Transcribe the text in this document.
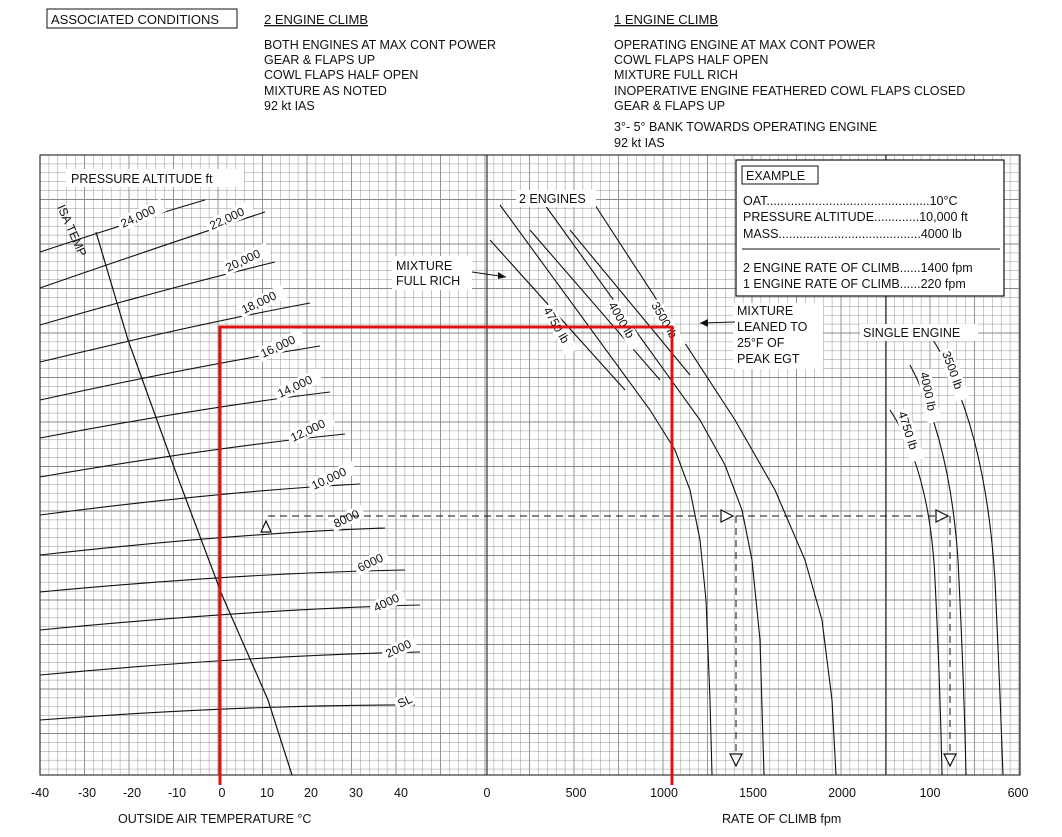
ASSOCIATED CONDITIONS	2 ENGINE CLIMB
BOTH ENGINES AT MAX CONT POWER
GEAR & FLAPS UP
COWL FLAPS HALF OPEN
MIXTURE AS NOTED
92 kt IAS
1 ENGINE CLIMB
OPERATING ENGINE AT MAX CONT POWER
COWL FLAPS HALF OPEN
MIXTURE FULL RICH
INOPERATIVE ENGINE FEATHERED COWL FLAPS CLOSED
GEAR & FLAPS UP
3°- 5° BANK TOWARDS OPERATING ENGINE
92 kt IAS
SL
2000
4000
6000
8000
10,000
12,000
14,000
16,000
18,000
20,000
22,000
24,000
4750 lb	4000 lb 3500 lb
3500 lb
4000 lb
4750 lb
PRESSURE ALTITUDE ft
ISA TEMP
2 ENGINES
MIXTURE
FULL RICH
MIXTURE
LEANED TO
25°F OF
PEAK EGT
SINGLE ENGINE
EXAMPLE
OAT...............................................10°C
PRESSURE ALTITUDE.............10,000 ft
MASS.........................................4000 lb
2 ENGINE RATE OF CLIMB......1400 fpm
1 ENGINE RATE OF CLIMB......220 fpm
-40 -30 -20 -10	0	10 20 30 40	0	500	1000	1500	2000	100	600
OUTSIDE AIR TEMPERATURE °C	RATE OF CLIMB fpm
